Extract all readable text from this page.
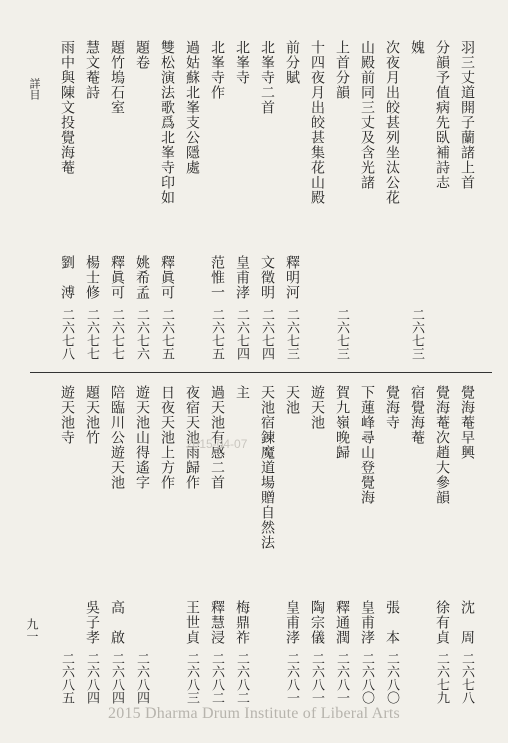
詳目	羽三丈道開子蘭諸上首
分韻予值病先臥補詩志
媿
二六七三
次夜月出皎甚列坐汰公花
山殿前同三丈及含光諸
上首分韻
二六七三
十四夜月出皎甚集花山殿
前分賦
釋明河
二六七三
北峯寺二首
文徵明
二六七四
北峯寺
皇甫涍
二六七四
北峯寺作
范惟一
二六七五
過姑蘇北峯支公隱處
雙松演法歌爲北峯寺印如
釋眞可
二六七五
題卷
姚希孟
二六七六
題竹塢石室
釋眞可
二六七七
慧文菴詩
楊士修
二六七七
雨中與陳文投覺海菴
劉　溥
二六七八
覺海菴早興
沈　周
二六七八
覺海菴次趙大參韻
徐有貞
二六七九
宿覺海菴
覺海寺
張　本
二六八〇
下蓮峰尋山登覺海
皇甫涍
二六八〇
賀九嶺晚歸
釋通潤
二六八一
遊天池
陶宗儀
二六八一
天池
皇甫涍
二六八一
天池宿鍊魔道場贈自然法
主
梅鼎祚
二六八二
過天池有感二首
釋慧浸
二六八二
夜宿天池雨歸作
王世貞
二六八三
日夜天池上方作
遊天池山得遙字
二六八四
陪臨川公遊天池
高　啟
二六八四
題天池竹
吳子孝
二六八四
遊天池寺
二六八五
2015-04-07
九一
2015 Dharma Drum Institute of Liberal Arts
